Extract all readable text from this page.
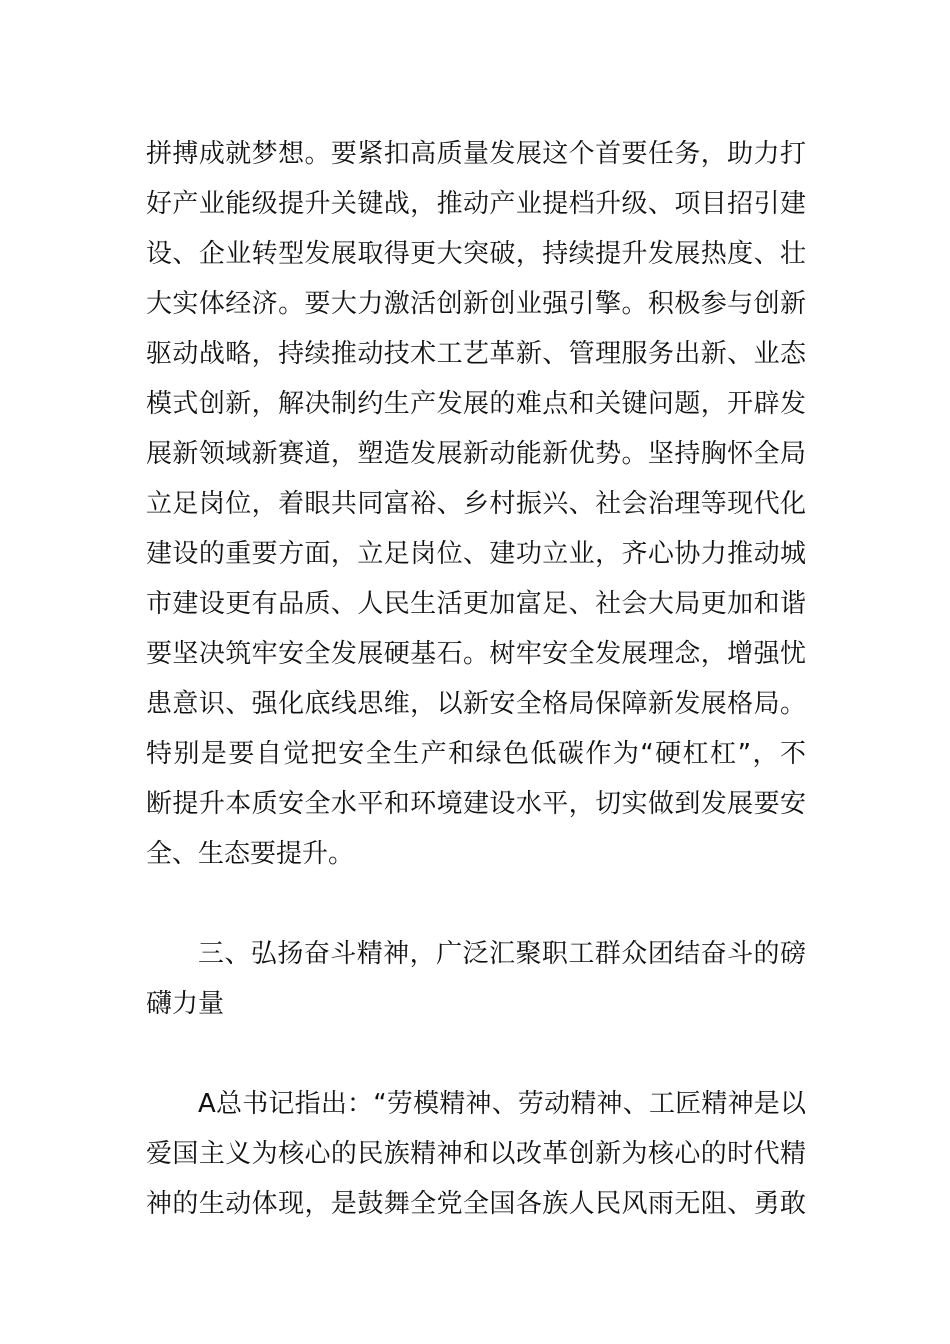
拼搏成就梦想。要紧扣高质量发展这个首要任务，助力打
好产业能级提升关键战，推动产业提档升级、项目招引建
设、企业转型发展取得更大突破，持续提升发展热度、壮
大实体经济。要大力激活创新创业强引擎。积极参与创新
驱动战略，持续推动技术工艺革新、管理服务出新、业态
模式创新，解决制约生产发展的难点和关键问题，开辟发
展新领域新赛道，塑造发展新动能新优势。坚持胸怀全局
立足岗位，着眼共同富裕、乡村振兴、社会治理等现代化
建设的重要方面，立足岗位、建功立业，齐心协力推动城
市建设更有品质、人民生活更加富足、社会大局更加和谐
要坚决筑牢安全发展硬基石。树牢安全发展理念，增强忧
患意识、强化底线思维，以新安全格局保障新发展格局。
特别是要自觉把安全生产和绿色低碳作为“硬杠杠”，不
断提升本质安全水平和环境建设水平，切实做到发展要安
全、生态要提升。
三、弘扬奋斗精神，广泛汇聚职工群众团结奋斗的磅
礴力量
A总书记指出：“劳模精神、劳动精神、工匠精神是以
爱国主义为核心的民族精神和以改革创新为核心的时代精
神的生动体现，是鼓舞全党全国各族人民风雨无阻、勇敢
